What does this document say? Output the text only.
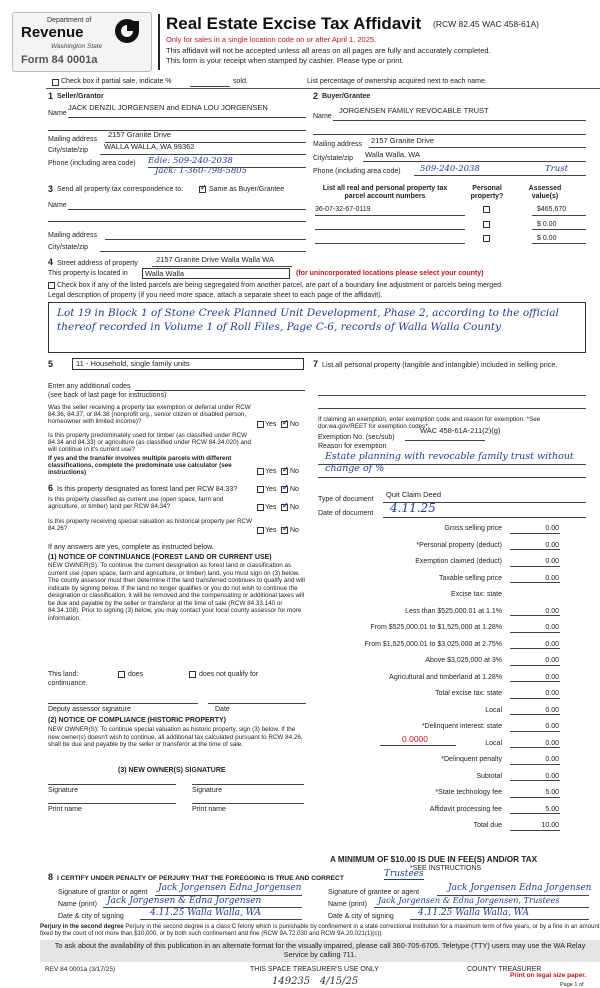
Department of
Revenue
Washington State
Form 84 0001a
Real Estate Excise Tax Affidavit (RCW 82.45 WAC 458-61A)
Only for sales in a single location code on or after April 1, 2025.
This affidavit will not be accepted unless all areas on all pages are fully and accurately completed.
This form is your receipt when stamped by cashier. Please type or print.
Check box if partial sale, indicate %	sold.	List percentage of ownership acquired next to each name.
1 Seller/Grantor
Name
JACK DENZIL JORGENSEN and EDNA LOU JORGENSEN
Mailing address
2157 Granite Drive
City/state/zip WALLA WALLA, WA 99362
Phone (including area code) Edie: 509-240-2038
Jack: 1-360-798-5805
2 Buyer/Grantee
Name
JORGENSEN FAMILY REVOCABLE TRUST
Mailing address 2157 Granite Drive
City/state/zip Walla Walla, WA
Phone (including area code) 509-240-2038	Trust
3 Send all property tax correspondence to: ✓	Same as Buyer/Grantee
Name
Mailing address
City/state/zip
List all real and personal property tax parcel account numbers
Personal property?
Assessed value(s)
36-07-32-67-0119	$465,670
$ 0.00
$ 0.00
4 Street address of property 2157 Granite Drive Walla Walla WA
This property is located in	Walla Walla	(for unincorporated locations please select your county)
Check box if any of the listed parcels are being segregated from another parcel, are part of a boundary line adjustment or parcels being merged.
Legal description of property (if you need more space, attach a separate sheet to each page of the affidavit).
Lot 19 in Block 1 of Stone Creek Planned Unit Development, Phase 2, according to the official thereof recorded in Volume 1 of Roll Files, Page C-6, records of Walla Walla County
5	11 - Household, single family units
Enter any additional codes
(see back of last page for instructions)
Was the seller receiving a property tax exemption or deferral under RCW 84.36, 84.37, or 84.38 (nonprofit org., senior citizen or disabled person, homeowner with limited income)?	Yes ✓ No
Is this property predominately used for timber (as classified under RCW 84.34 and 84.33) or agriculture (as classified under RCW 84.34.020) and will continue in it's current use?
If yes and the transfer involves multiple parcels with different classifications, complete the predominate use calculator (see instructions)	Yes ✓ No
6 Is this property designated as forest land per RCW 84.33?	Yes ✓ No
Is this property classified as current use (open space, farm and agriculture, or timber) land per RCW 84.34?	Yes ✓ No
Is this property receiving special valuation as historical property per RCW 84.26?	Yes ✓ No
If any answers are yes, complete as instructed below.
(1) NOTICE OF CONTINUANCE (FOREST LAND OR CURRENT USE)
NEW OWNER(S): To continue the current designation as forest land or classification as current use (open space, farm and agriculture, or timber) land, you must sign on (3) below. The county assessor must then determine if the land transferred continues to qualify and will indicate by signing below. If the land no longer qualifies or you do not wish to continue the designation or classification, it will be removed and the compensating or additional taxes will be due and payable by the seller or transferor at the time of sale (RCW 84.33.140 or 84.34.108). Prior to signing (3) below, you may contact your local county assessor for more information.
This land:	does	does not qualify for
continuance.
Deputy assessor signature	Date
(2) NOTICE OF COMPLIANCE (HISTORIC PROPERTY)
NEW OWNER(S): To continue special valuation as historic property, sign (3) below. If the new owner(s) doesn't wish to continue, all additional tax calculated pursuant to RCW 84.26, shall be due and payable by the seller or transferor at the time of sale.
(3) NEW OWNER(S) SIGNATURE
Signature	Signature
Print name	Print name
7 List all personal property (tangible and intangible) included in selling price.
If claiming an exemption, enter exemption code and reason for exemption. *See dor.wa.gov/REET for exemption codes*.
Exemption No. (sec/sub)
WAC 458-61A-211(2)(g)
Reason for exemption
Estate planning with revocable family trust without change of %
Type of document
Quit Claim Deed
Date of document 4.11.25
Gross selling price	0.00
*Personal property (deduct)	0.00
Exemption claimed (deduct)	0.00
Taxable selling price	0.00
Excise tax: state
Less than $525,000.01 at 1.1%	0.00
From $525,000.01 to $1,525,000 at 1.28%	0.00
From $1,525,000.01 to $3,025,000 at 2.75%	0.00
Above $3,025,000 at 3%	0.00
Agricultural and timberland at 1.28%	0.00
Total excise tax: state	0.00
Local	0.00
*Delinquent interest: state	0.00
Local	0.00
*Delinquent penalty	0.00
Subtotal	0.00
*State technology fee	5.00
Affidavit processing fee	5.00
Total due	10.00
0.0000
A MINIMUM OF $10.00 IS DUE IN FEE(S) AND/OR TAX
*SEE INSTRUCTIONS
8 I CERTIFY UNDER PENALTY OF PERJURY THAT THE FOREGOING IS TRUE AND CORRECT	Trustees
Signature of grantor or agent Jack Jorgensen Edna Jorgensen
Name (print) Jack Jorgensen & Edna Jorgensen
Date & city of signing	4.11.25 Walla Walla, WA
Signature of grantee or agent	Jack Jorgensen Edna Jorgensen
Name (print) Jack Jorgensen & Edna Jorgensen, Trustees
Date & city of signing	4.11.25 Walla Walla, WA
Perjury in the second degree Perjury in the second degree is a class C felony which is punishable by confinement in a state correctional institution for a maximum term of five years, or by a fine in an amount fixed by the court of not more than $10,000, or by both such confinement and fine (RCW 9A.72.030 and RCW 9A.20.021(1)(c)).
To ask about the availability of this publication in an alternate format for the visually impaired, please call 360-705-6705. Teletype (TTY) users may use the WA Relay Service by calling 711.
REV 84 0001a (3/17/25)	THIS SPACE TREASURER'S USE ONLY	COUNTY TREASURER
149235   4/15/25
Print on legal size paper.
Page 1 of
